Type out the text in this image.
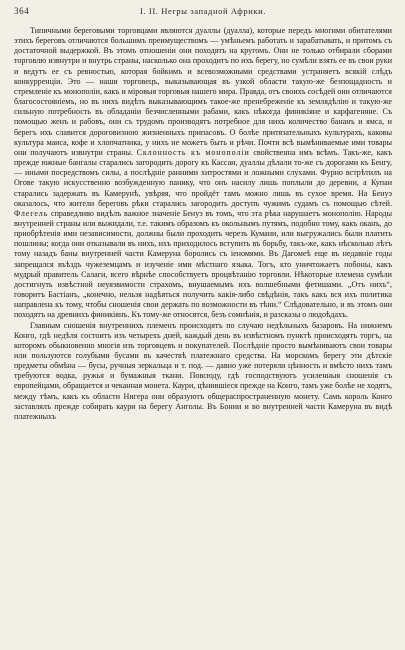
364	I. II. Негры западной Африки.

Типичными береговыми торговцами являются дуаллы (дуалла), которые передъ многими обитателями этихъ береговъ отличаются большимъ преимуществомъ — умѣньемъ работать и зарабатывать, и притомъ съ достаточной выдержкой. Въ этомъ отношеніи они походятъ на кругомъ. Они не только отбирали сборами торговлю извнутри и внутрь страны, насколько она проходитъ по ихъ берегу, но сумѣли взять ее въ свои руки и ведутъ ее съ ревностью, которая бойкимъ и всевозможными средствами устраняетъ всякій слѣдъ конкурренціи. Это — наши торговецъ, выказывающая въ узкой области такую-же безпощадность и стремленіе къ монополіи, какъ и міровыя торговыя нашего мира. Правда, отъ своихъ сосѣдей они отличаются благосостояніемъ, но въ нихъ видѣть выказывающимъ такое-же пренебреженіе къ землядѣлію и такую-же сильную потребность въ обладаніи безчисленными рабами, какъ нѣкогда финикіяне и карфагеняне. Съ помощью женъ и рабовъ, они съ трудомъ производятъ потребное для нихъ количество бананъ и ямса, и берегъ ихъ славится дороговизною жизненныхъ припасовъ. О болѣе притязательныхъ культурахъ, каковы культура маиса, кофе и хлопчатника, у нихъ не можетъ быть и рѣчи. Почти всѣ вымѣниваемые ими товары они получаютъ извнутри страны. Склонность къ монополіи свойственна имъ всѣмъ. Такъ-же, какъ прежде южные бангалы старались загородить дорогу къ Кассаи, дуаллы дѣлали то-же съ дорогами къ Бенгу, — иными посредствомъ силы, а послѣдніе ранними хитростями и ложными слухами. Фурно встрѣтилъ на Огове такую искусственно возбужденную панику, что онъ насилу лишь поплыли до деревни, а Купаи старались задержать въ Камерунѣ, увѣряя, что пройдёт тамъ можно лишь въ сухое время. На Бенуэ оказалось, что жители береговъ рѣки старались загородить доступъ чужимъ судамъ съ помощью сѣтей. Флегель справедливо видѣлъ важное значеніе Бенуэ въ томъ, что эта рѣка нарушаетъ монополію. Народы внутренней страны или выжидали, т.е. такимъ образомъ къ окольнымъ путямъ, подобно тому, какъ оканъ, до приобрѣтенія ими независимости, должны были проходить черезъ Кумани, или выгружались были платить пошлины; когда они отказывали въ нихъ, ихъ приходилось вступить въ борьбу, такъ-же, какъ нѣсколько лѣтъ тому назадъ баны внутренней части Камеруна боролись съ іеномями. Въ Дагомеѣ еще въ недавніе годы запрещался въѣздъ чужеземцамъ и изученіе ими мѣстнаго языка. Тогъ, кто уничтожаетъ побоны, какъ мудрый правитель Салаги, всего вѣрнѣе способствуетъ процвѣтанію торговли. Нѣкоторые племена сумѣли достигнуть извѣстной неуязвимости страхомъ, внушаемымъ ихъ волшебными фетишами. „Отъ нихъ“, говоритъ Бастіанъ, „конечно, нельзя надѣяться получить какія-либо свѣдѣнія, такъ какъ вся ихъ политика направлена къ тому, чтобы сношенія свои держать по возможности въ тѣни.“ Слѣдовательно, и въ этомъ они походятъ на древнихъ финикіянъ. Къ тому-же относятся, безъ сомнѣнія, и разсказы о людоѣдахъ.

Главным сношенія внутреннихъ племенъ происходятъ по случаю недѣльныхъ базаровъ. На нижнемъ Конго, гдѣ недѣля состоитъ изъ четырехъ дней, каждый день въ извѣстномъ пунктѣ происходятъ торгъ, на которомъ обыкновенно многія изъ торговцевъ и покупателей. Послѣдніе просто вымѣниваютъ свои товары или пользуются голубыми бусами въ качествѣ платежнаго средства. На морскомъ берегу эти дѣтскіе предметы обмѣна — бусы, ручныя зеркальца и т. под. — давно уже потеряли цѣнность и вмѣсто нихъ тамъ требуются водка, ружья и бумажныя ткани. Повсюду, гдѣ господствуютъ усиленныя сношенія съ европейцами, обращается и чеканная монета. Каури, цѣнившіеся прежде на Конго, тамъ уже болѣе не ходятъ, между тѣмъ, какъ къ области Нигера они образуютъ общераспространенную монету. Самъ король Конго заставлялъ прежде собирать каури на берегу Анголы. Въ Бонии и во внутренней части Камеруна въ видѣ платежныхъ
